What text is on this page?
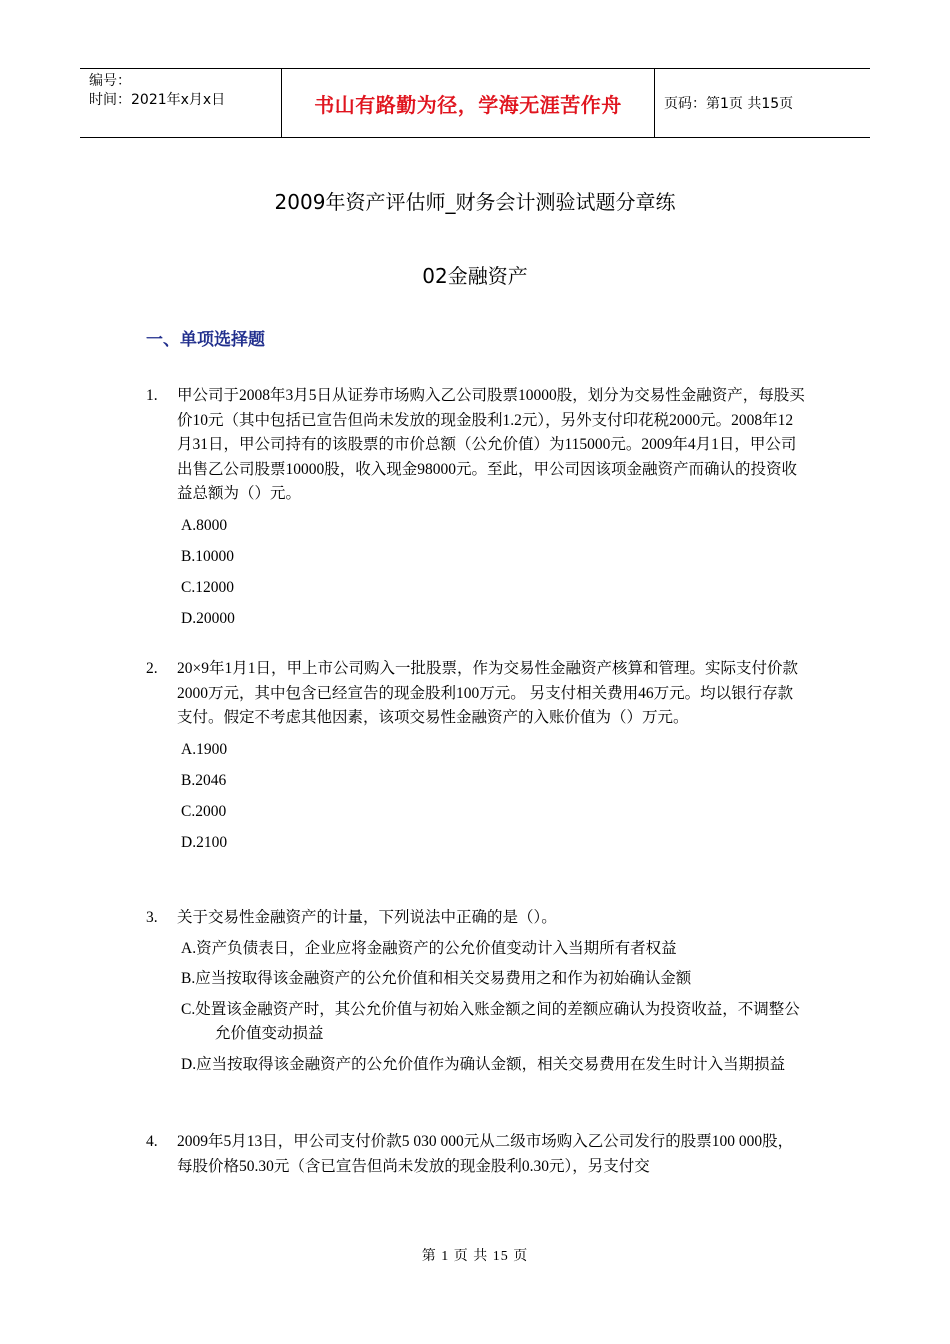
编号：
时间：2021年x月x日	书山有路勤为径，学海无涯苦作舟	页码：第1页 共15页
2009年资产评估师_财务会计测验试题分章练
02金融资产
一、单项选择题
1. 甲公司于2008年3月5日从证券市场购入乙公司股票10000股，划分为交易性金融资产，每股买价10元（其中包括已宣告但尚未发放的现金股利1.2元），另外支付印花税2000元。2008年12月31日，甲公司持有的该股票的市价总额（公允价值）为115000元。2009年4月1日，甲公司出售乙公司股票10000股，收入现金98000元。至此，甲公司因该项金融资产而确认的投资收益总额为（）元。
A.8000
B.10000
C.12000
D.20000
2. 20×9年1月1日，甲上市公司购入一批股票，作为交易性金融资产核算和管理。实际支付价款2000万元，其中包含已经宣告的现金股利100万元。 另支付相关费用46万元。均以银行存款支付。假定不考虑其他因素，该项交易性金融资产的入账价值为（）万元。
A.1900
B.2046
C.2000
D.2100
3. 关于交易性金融资产的计量，下列说法中正确的是（）。
A.资产负债表日，企业应将金融资产的公允价值变动计入当期所有者权益
B.应当按取得该金融资产的公允价值和相关交易费用之和作为初始确认金额
C.处置该金融资产时，其公允价值与初始入账金额之间的差额应确认为投资收益，不调整公允价值变动损益
D.应当按取得该金融资产的公允价值作为确认金额，相关交易费用在发生时计入当期损益
4. 2009年5月13日，甲公司支付价款5 030 000元从二级市场购入乙公司发行的股票100 000股，每股价格50.30元（含已宣告但尚未发放的现金股利0.30元），另支付交
第 1 页 共 15 页
